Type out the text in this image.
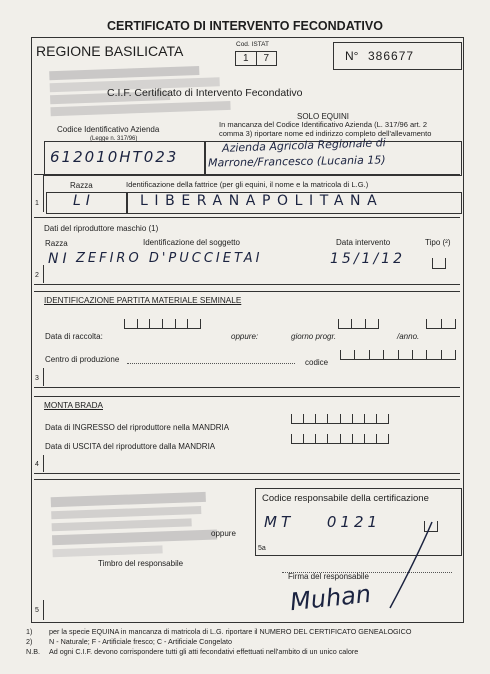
CERTIFICATO DI INTERVENTO FECONDATIVO
REGIONE BASILICATA	Cod. ISTAT
1	7	N° 386677
C.I.F. Certificato di Intervento Fecondativo
SOLO EQUINI
In mancanza del Codice Identificativo Azienda (L. 317/96 art. 2
comma 3) riportare nome ed indirizzo completo dell'allevamento
Codice Identificativo Azienda
(Legge n. 317/96)
612010HT023
Azienda Agricola Regionale di
Marrone/Francesco (Lucania 15)
1
Razza	Identificazione della fattrice (per gli equini, il nome e la matricola di L.G.)
LI	LIBERANAPOLITANA
2
Dati del riproduttore maschio (1)
Razza	Identificazione del soggetto	Data intervento	Tipo (²)
NI ZEFIRO D'PUCCIETAI	15/1/12
3
IDENTIFICAZIONE PARTITA MATERIALE SEMINALE
Data di raccolta:	oppure:	giorno progr.	/anno.
Centro di produzione	codice
4
MONTA BRADA
Data di INGRESSO del riproduttore nella MANDRIA
Data di USCITA del riproduttore dalla MANDRIA
5
Timbro del responsabile
oppure
5a
Codice responsabile della certificazione
MT 0121
Firma del responsabile
Muhan
1) per la specie EQUINA in mancanza di matricola di L.G. riportare il NUMERO DEL CERTIFICATO GENEALOGICO
2) N - Naturale; F - Artificiale fresco; C - Artificiale Congelato
N.B. Ad ogni C.I.F. devono corrispondere tutti gli atti fecondativi effettuati nell'ambito di un unico calore
